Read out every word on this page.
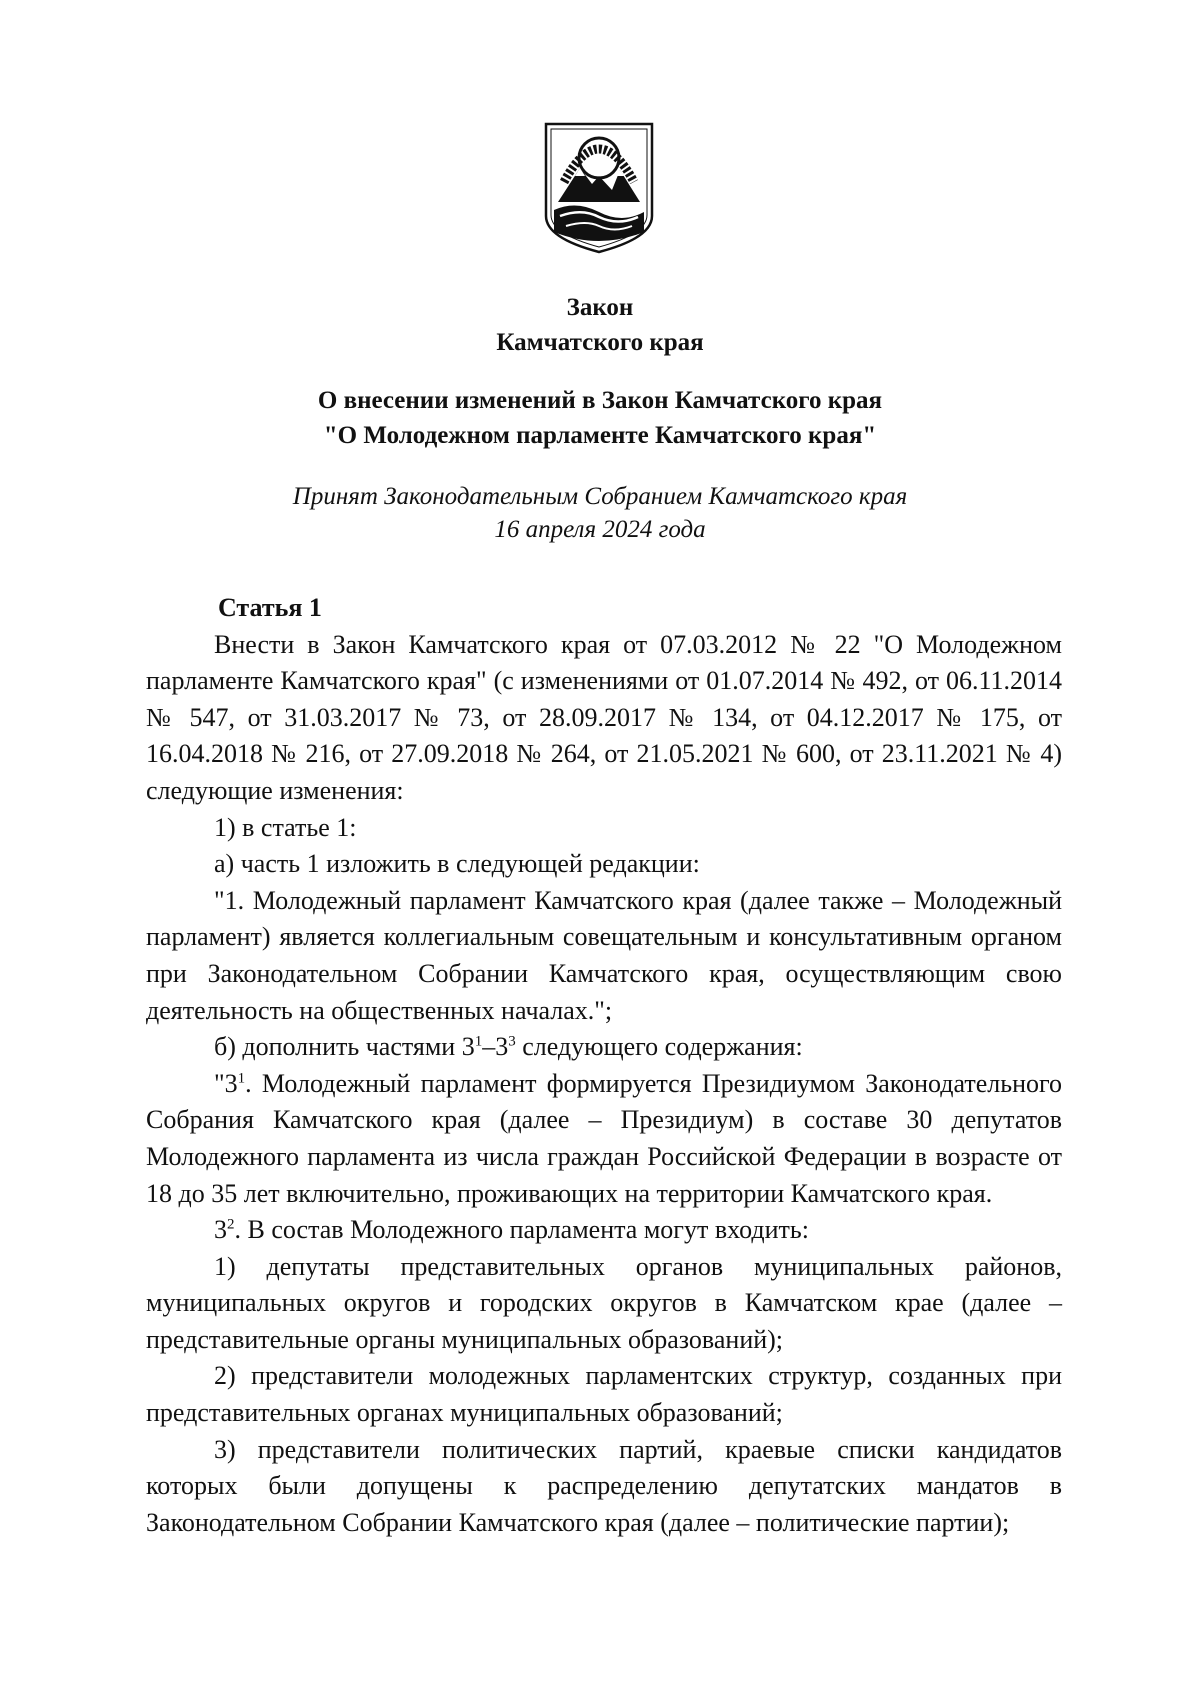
Закон
Камчатского края
О внесении изменений в Закон Камчатского края
"О Молодежном парламенте Камчатского края"
Принят Законодательным Собранием Камчатского края
16 апреля 2024 года

Статья 1

Внести в Закон Камчатского края от 07.03.2012 № 22 "О Молодежном парламенте Камчатского края" (с изменениями от 01.07.2014 № 492, от 06.11.2014 № 547, от 31.03.2017 № 73, от 28.09.2017 № 134, от 04.12.2017 № 175, от 16.04.2018 № 216, от 27.09.2018 № 264, от 21.05.2021 № 600, от 23.11.2021 № 4) следующие изменения:

1) в статье 1:

а) часть 1 изложить в следующей редакции:

"1. Молодежный парламент Камчатского края (далее также – Молодежный парламент) является коллегиальным совещательным и консультативным органом при Законодательном Собрании Камчатского края, осуществляющим свою деятельность на общественных началах.";

б) дополнить частями $3^1-3^3$ следующего содержания:

"$3^1$. Молодежный парламент формируется Президиумом Законодательного Собрания Камчатского края (далее – Президиум) в составе 30 депутатов Молодежного парламента из числа граждан Российской Федерации в возрасте от 18 до 35 лет включительно, проживающих на территории Камчатского края.

$3^2$. В состав Молодежного парламента могут входить:

1) депутаты представительных органов муниципальных районов, муниципальных округов и городских округов в Камчатском крае (далее – представительные органы муниципальных образований);

2) представители молодежных парламентских структур, созданных при представительных органах муниципальных образований;

3) представители политических партий, краевые списки кандидатов которых были допущены к распределению депутатских мандатов в Законодательном Собрании Камчатского края (далее – политические партии);
